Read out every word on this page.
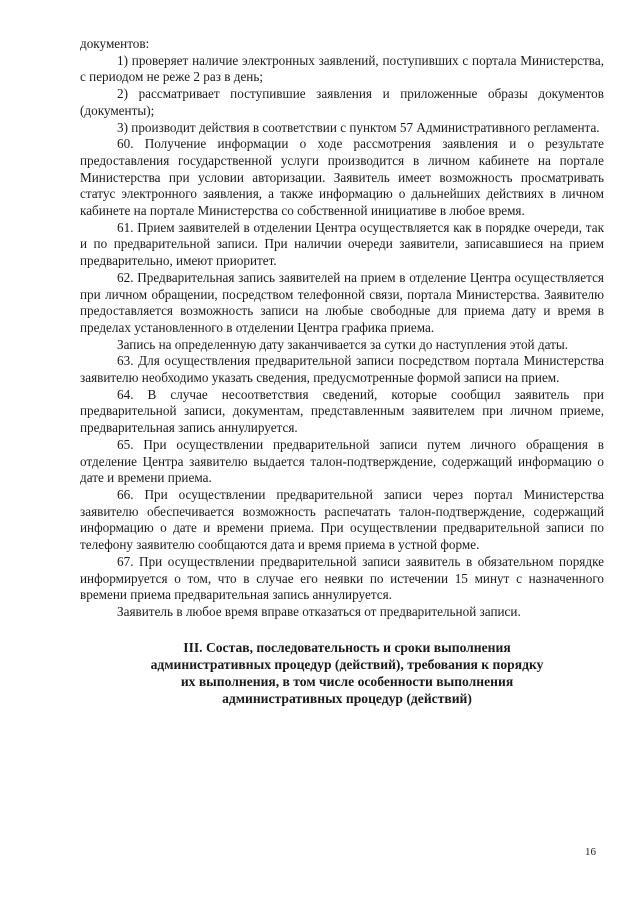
документов:

1) проверяет наличие электронных заявлений, поступивших с портала Министерства, с периодом не реже 2 раз в день;

2) рассматривает поступившие заявления и приложенные образы документов (документы);

3) производит действия в соответствии с пунктом 57 Административного регламента.

60. Получение информации о ходе рассмотрения заявления и о результате предоставления государственной услуги производится в личном кабинете на портале Министерства при условии авторизации. Заявитель имеет возможность просматривать статус электронного заявления, а также информацию о дальнейших действиях в личном кабинете на портале Министерства со собственной инициативе в любое время.

61. Прием заявителей в отделении Центра осуществляется как в порядке очереди, так и по предварительной записи. При наличии очереди заявители, записавшиеся на прием предварительно, имеют приоритет.

62. Предварительная запись заявителей на прием в отделение Центра осуществляется при личном обращении, посредством телефонной связи, портала Министерства. Заявителю предоставляется возможность записи на любые свободные для приема дату и время в пределах установленного в отделении Центра графика приема.

Запись на определенную дату заканчивается за сутки до наступления этой даты.

63. Для осуществления предварительной записи посредством портала Министерства заявителю необходимо указать сведения, предусмотренные формой записи на прием.

64. В случае несоответствия сведений, которые сообщил заявитель при предварительной записи, документам, представленным заявителем при личном приеме, предварительная запись аннулируется.

65. При осуществлении предварительной записи путем личного обращения в отделение Центра заявителю выдается талон-подтверждение, содержащий информацию о дате и времени приема.

66. При осуществлении предварительной записи через портал Министерства заявителю обеспечивается возможность распечатать талон-подтверждение, содержащий информацию о дате и времени приема. При осуществлении предварительной записи по телефону заявителю сообщаются дата и время приема в устной форме.

67. При осуществлении предварительной записи заявитель в обязательном порядке информируется о том, что в случае его неявки по истечении 15 минут с назначенного времени приема предварительная запись аннулируется.

Заявитель в любое время вправе отказаться от предварительной записи.

III. Состав, последовательность и сроки выполнения
административных процедур (действий), требования к порядку
их выполнения, в том числе особенности выполнения
административных процедур (действий)
16
